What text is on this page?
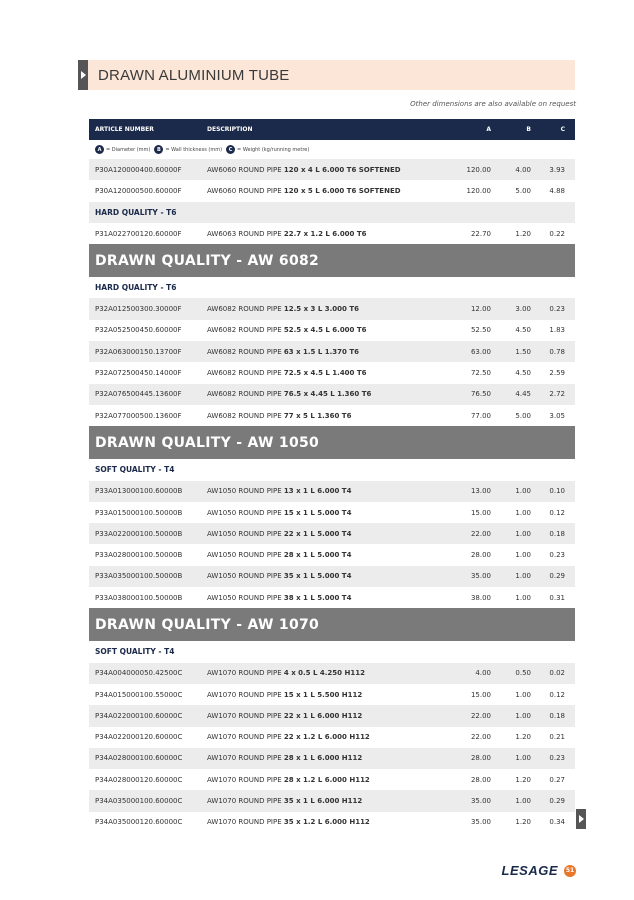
DRAWN ALUMINIUM TUBE
Other dimensions are also available on request
ARTICLE NUMBER	DESCRIPTION	A	B	C
A = Diameter (mm)	B = Wall thickness (mm)	C = Weight (kg/running metre)
P30A120000400.60000F	AW6060 ROUND PIPE 120 x 4 L 6.000 T6 SOFTENED	120.00	4.00	3.93
P30A120000500.60000F	AW6060 ROUND PIPE 120 x 5 L 6.000 T6 SOFTENED	120.00	5.00	4.88
HARD QUALITY - T6
P31A022700120.60000F	AW6063 ROUND PIPE 22.7 x 1.2 L 6.000 T6	22.70	1.20	0.22
DRAWN QUALITY - AW 6082
HARD QUALITY - T6
P32A012500300.30000F	AW6082 ROUND PIPE 12.5 x 3 L 3.000 T6	12.00	3.00	0.23
P32A052500450.60000F	AW6082 ROUND PIPE 52.5 x 4.5 L 6.000 T6	52.50	4.50	1.83
P32A063000150.13700F	AW6082 ROUND PIPE 63 x 1.5 L 1.370 T6	63.00	1.50	0.78
P32A072500450.14000F	AW6082 ROUND PIPE 72.5 x 4.5 L 1.400 T6	72.50	4.50	2.59
P32A076500445.13600F	AW6082 ROUND PIPE 76.5 x 4.45 L 1.360 T6	76.50	4.45	2.72
P32A077000500.13600F	AW6082 ROUND PIPE 77 x 5 L 1.360 T6	77.00	5.00	3.05
DRAWN QUALITY - AW 1050
SOFT QUALITY - T4
P33A013000100.60000B	AW1050 ROUND PIPE 13 x 1 L 6.000 T4	13.00	1.00	0.10
P33A015000100.50000B	AW1050 ROUND PIPE 15 x 1 L 5.000 T4	15.00	1.00	0.12
P33A022000100.50000B	AW1050 ROUND PIPE 22 x 1 L 5.000 T4	22.00	1.00	0.18
P33A028000100.50000B	AW1050 ROUND PIPE 28 x 1 L 5.000 T4	28.00	1.00	0.23
P33A035000100.50000B	AW1050 ROUND PIPE 35 x 1 L 5.000 T4	35.00	1.00	0.29
P33A038000100.50000B	AW1050 ROUND PIPE 38 x 1 L 5.000 T4	38.00	1.00	0.31
DRAWN QUALITY - AW 1070
SOFT QUALITY - T4
P34A004000050.42500C	AW1070 ROUND PIPE 4 x 0.5 L 4.250 H112	4.00	0.50	0.02
P34A015000100.55000C	AW1070 ROUND PIPE 15 x 1 L 5.500 H112	15.00	1.00	0.12
P34A022000100.60000C	AW1070 ROUND PIPE 22 x 1 L 6.000 H112	22.00	1.00	0.18
P34A022000120.60000C	AW1070 ROUND PIPE 22 x 1.2 L 6.000 H112	22.00	1.20	0.21
P34A028000100.60000C	AW1070 ROUND PIPE 28 x 1 L 6.000 H112	28.00	1.00	0.23
P34A028000120.60000C	AW1070 ROUND PIPE 28 x 1.2 L 6.000 H112	28.00	1.20	0.27
P34A035000100.60000C	AW1070 ROUND PIPE 35 x 1 L 6.000 H112	35.00	1.00	0.29
P34A035000120.60000C	AW1070 ROUND PIPE 35 x 1.2 L 6.000 H112	35.00	1.20	0.34
LESAGE	51
